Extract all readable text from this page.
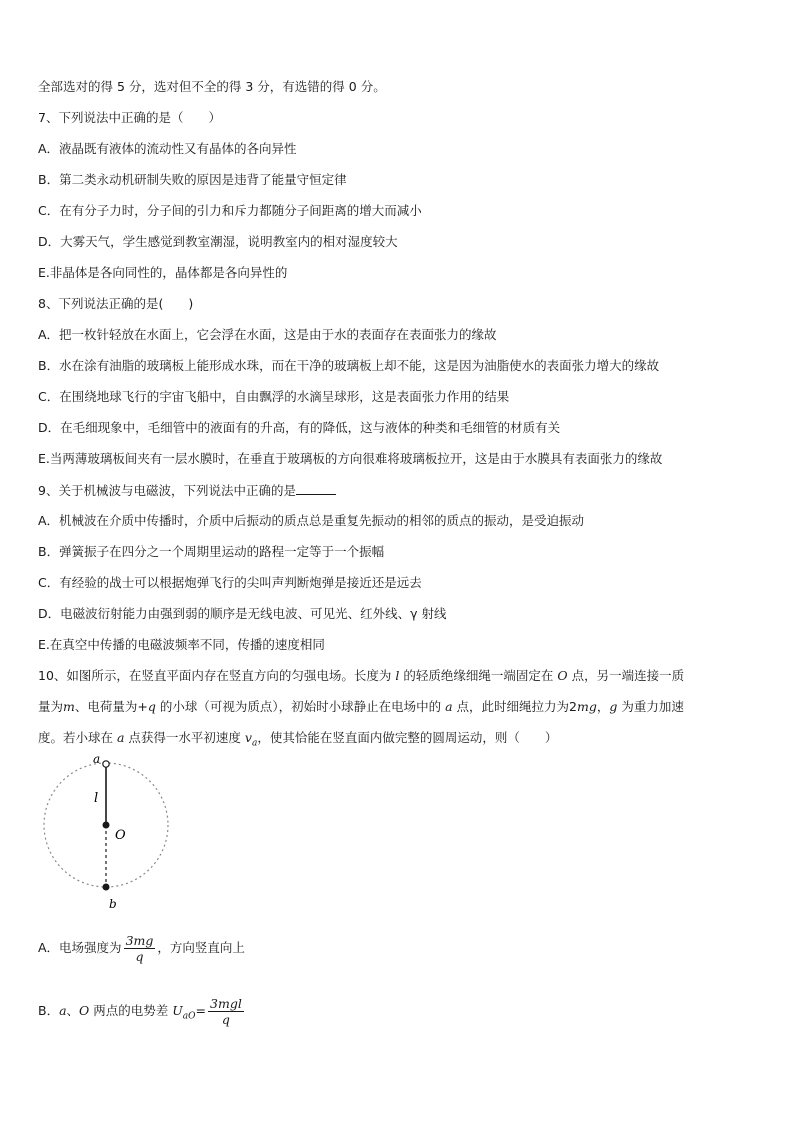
全部选对的得 5 分，选对但不全的得 3 分，有选错的得 0 分。
7、下列说法中正确的是（　　）
A．液晶既有液体的流动性又有晶体的各向异性
B．第二类永动机研制失败的原因是违背了能量守恒定律
C．在有分子力时，分子间的引力和斥力都随分子间距离的增大而减小
D．大雾天气，学生感觉到教室潮湿，说明教室内的相对湿度较大
E.非晶体是各向同性的，晶体都是各向异性的
8、下列说法正确的是(　　)
A．把一枚针轻放在水面上，它会浮在水面，这是由于水的表面存在表面张力的缘故
B．水在涂有油脂的玻璃板上能形成水珠，而在干净的玻璃板上却不能，这是因为油脂使水的表面张力增大的缘故
C．在围绕地球飞行的宇宙飞船中，自由飘浮的水滴呈球形，这是表面张力作用的结果
D．在毛细现象中，毛细管中的液面有的升高，有的降低，这与液体的种类和毛细管的材质有关
E.当两薄玻璃板间夹有一层水膜时，在垂直于玻璃板的方向很难将玻璃板拉开，这是由于水膜具有表面张力的缘故
9、关于机械波与电磁波，下列说法中正确的是
A．机械波在介质中传播时，介质中后振动的质点总是重复先振动的相邻的质点的振动，是受迫振动
B．弹簧振子在四分之一个周期里运动的路程一定等于一个振幅
C．有经验的战士可以根据炮弹飞行的尖叫声判断炮弹是接近还是远去
D．电磁波衍射能力由强到弱的顺序是无线电波、可见光、红外线、γ 射线
E.在真空中传播的电磁波频率不同，传播的速度相同
10、如图所示，在竖直平面内存在竖直方向的匀强电场。长度为 l 的轻质绝缘细绳一端固定在 O 点，另一端连接一质
量为m、电荷量为+q 的小球（可视为质点），初始时小球静止在电场中的 a 点，此时细绳拉力为2mg，g 为重力加速
度。若小球在 a 点获得一水平初速度 $v_a$，使其恰能在竖直面内做完整的圆周运动，则（　　）
a
l
O
b
A．电场强度为 $\frac{3mg}{q}$ ，方向竖直向上
B．a、O 两点的电势差 $U_{aO}= \frac{\text{3mgl}}{q}$
